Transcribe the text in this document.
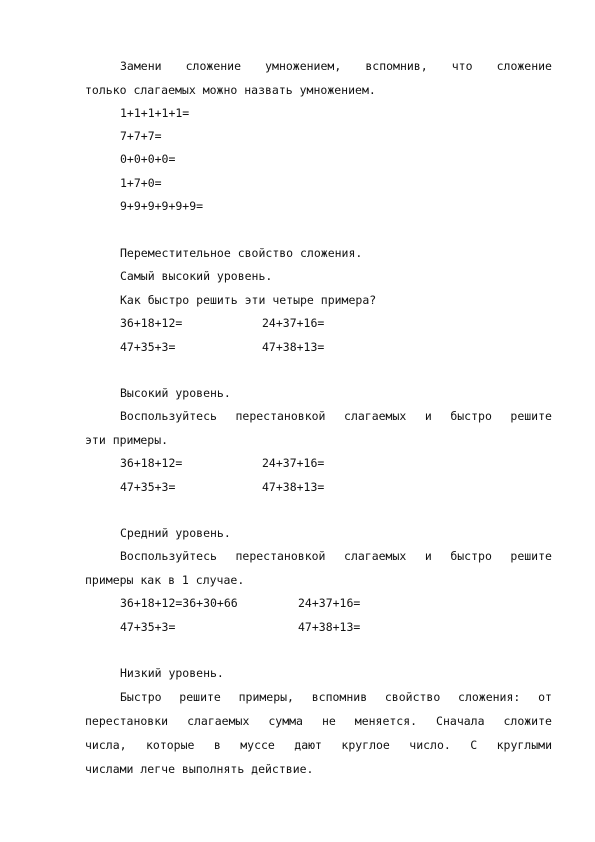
Замени сложение умножением, вспомнив, что сложение
только слагаемых можно назвать умножением.
1+1+1+1+1=
7+7+7=
0+0+0+0=
1+7+0=
9+9+9+9+9+9=
Переместительное свойство сложения.
Самый высокий уровень.
Как быстро решить эти четыре примера?
36+18+12=	24+37+16=
47+35+3=	47+38+13=
Высокий уровень.
Воспользуйтесь перестановкой слагаемых и быстро решите
эти примеры.
36+18+12=	24+37+16=
47+35+3=	47+38+13=
Средний уровень.
Воспользуйтесь перестановкой слагаемых и быстро решите
примеры как в 1 случае.
36+18+12=36+30+66	24+37+16=
47+35+3=	47+38+13=
Низкий уровень.
Быстро решите примеры, вспомнив свойство сложения: от
перестановки слагаемых сумма не меняется. Сначала сложите
числа, которые в муссе дают круглое число. С круглыми
числами легче выполнять действие.
